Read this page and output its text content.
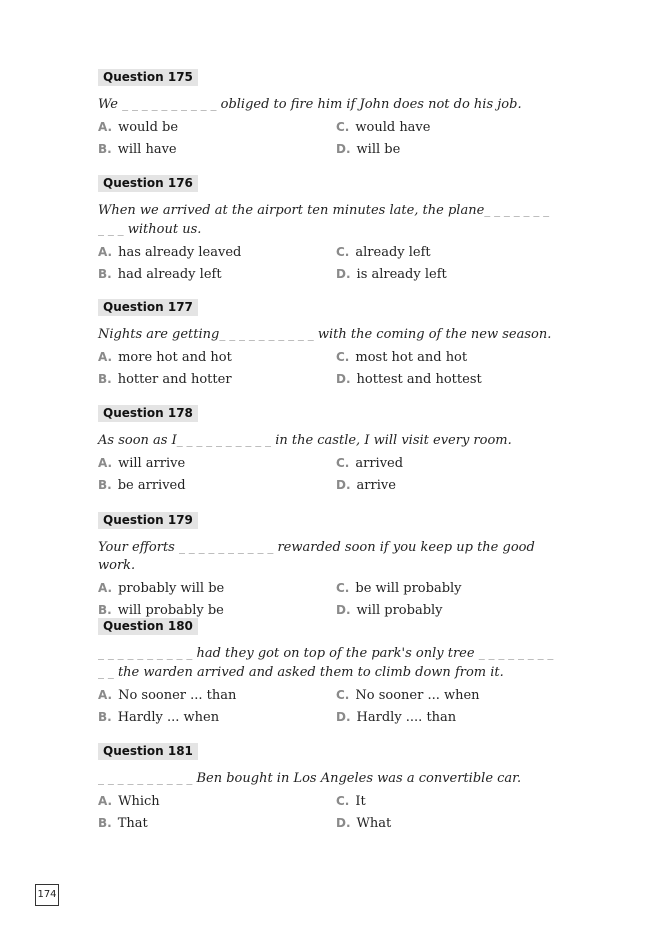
Question 175
We _ _ _ _ _ _ _ _ _ _ obliged to fire him if John does not do his job.
A. would be
B. will have
C. would have
D. will be
Question 176
When we arrived at the airport ten minutes late, the plane_ _ _ _ _ _ _ _ _ _ without us.
A. has already leaved
B. had already left
C. already left
D. is already left
Question 177
Nights are getting_ _ _ _ _ _ _ _ _ _ with the coming of the new season.
A. more hot and hot
B. hotter and hotter
C. most hot and hot
D. hottest and hottest
Question 178
As soon as I_ _ _ _ _ _ _ _ _ _ in the castle, I will visit every room.
A. will arrive
B. be arrived
C. arrived
D. arrive
Question 179
Your efforts _ _ _ _ _ _ _ _ _ _ rewarded soon if you keep up the good work.
A. probably will be
B. will probably be
C. be will probably
D. will probably
Question 180
_ _ _ _ _ _ _ _ _ _ had they got on top of the park's only tree _ _ _ _ _ _ _ _ _ _ the warden arrived and asked them to climb down from it.
A. No sooner ... than
B. Hardly ... when
C. No sooner ... when
D. Hardly .... than
Question 181
_ _ _ _ _ _ _ _ _ _ Ben bought in Los Angeles was a convertible car.
A. Which
B. That
C. It
D. What
174
